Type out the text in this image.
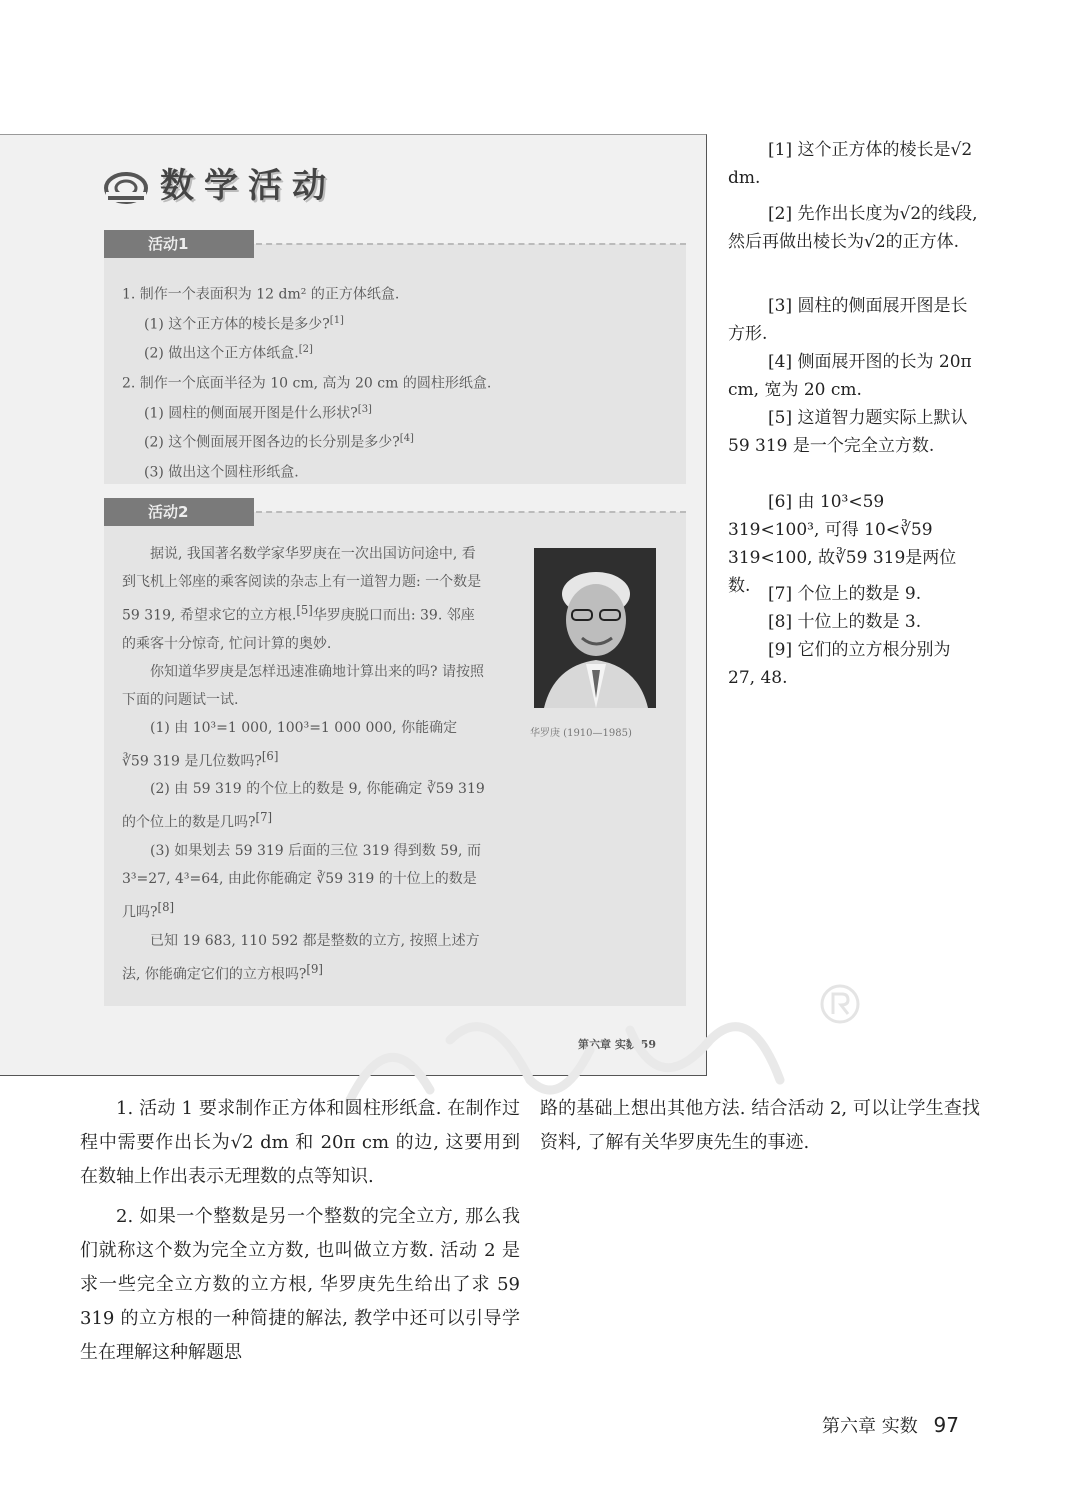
数学活动
活动1
1. 制作一个表面积为 12 dm² 的正方体纸盒.
(1) 这个正方体的棱长是多少?[1]
(2) 做出这个正方体纸盒.[2]
2. 制作一个底面半径为 10 cm, 高为 20 cm 的圆柱形纸盒.
(1) 圆柱的侧面展开图是什么形状?[3]
(2) 这个侧面展开图各边的长分别是多少?[4]
(3) 做出这个圆柱形纸盒.
活动2
据说, 我国著名数学家华罗庚在一次出国访问途中, 看到飞机上邻座的乘客阅读的杂志上有一道智力题: 一个数是 59 319, 希望求它的立方根.[5]华罗庚脱口而出: 39. 邻座的乘客十分惊奇, 忙问计算的奥妙.
你知道华罗庚是怎样迅速准确地计算出来的吗? 请按照下面的问题试一试.
(1) 由 10³=1 000, 100³=1 000 000, 你能确定 ∛59 319 是几位数吗?[6]
(2) 由 59 319 的个位上的数是 9, 你能确定 ∛59 319 的个位上的数是几吗?[7]
(3) 如果划去 59 319 后面的三位 319 得到数 59, 而 3³=27, 4³=64, 由此你能确定 ∛59 319 的十位上的数是几吗?[8]
已知 19 683, 110 592 都是整数的立方, 按照上述方法, 你能确定它们的立方根吗?[9]
华罗庚 (1910—1985)
第六章 实数 59
[1] 这个正方体的棱长是√2 dm.
[2] 先作出长度为√2的线段, 然后再做出棱长为√2的正方体.
[3] 圆柱的侧面展开图是长方形.
[4] 侧面展开图的长为 20π cm, 宽为 20 cm.
[5] 这道智力题实际上默认 59 319 是一个完全立方数.
[6] 由 10³<59 319<100³, 可得 10<∛59 319<100, 故∛59 319是两位数.	[7] 个位上的数是 9.
[8] 十位上的数是 3.
[9] 它们的立方根分别为 27, 48.

1. 活动 1 要求制作正方体和圆柱形纸盒. 在制作过程中需要作出长为√2 dm 和 20π cm 的边, 这要用到在数轴上作出表示无理数的点等知识.

2. 如果一个整数是另一个整数的完全立方, 那么我们就称这个数为完全立方数, 也叫做立方数. 活动 2 是求一些完全立方数的立方根, 华罗庚先生给出了求 59 319 的立方根的一种简捷的解法, 教学中还可以引导学生在理解这种解题思

路的基础上想出其他方法. 结合活动 2, 可以让学生查找资料, 了解有关华罗庚先生的事迹.
第六章 实数 97
